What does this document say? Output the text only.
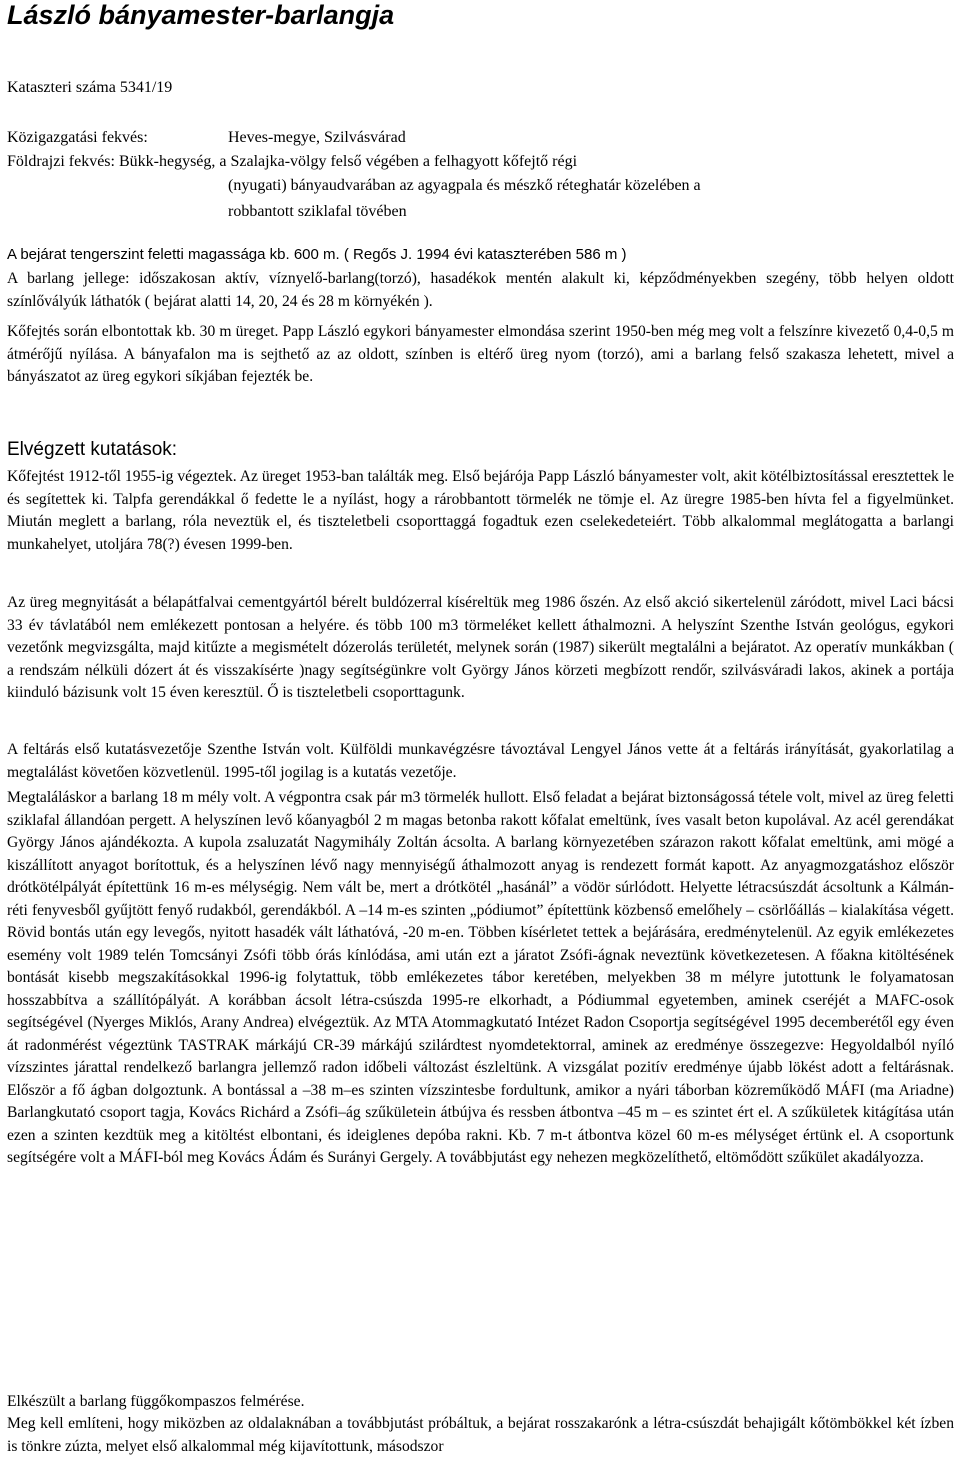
László bányamester-barlangja

Kataszteri száma 5341/19

Közigazgatási fekvés:	Heves-megye, Szilvásvárad

Földrajzi fekvés: Bükk-hegység, a Szalajka-völgy felső végében a felhagyott kőfejtő régi

(nyugati) bányaudvarában az agyagpala és mészkő réteghatár közelében a

robbantott sziklafal tövében

A bejárat tengerszint feletti magassága kb. 600 m. ( Regős J. 1994 évi kataszterében 586 m )

A barlang jellege: időszakosan aktív, víznyelő-barlang(torzó), hasadékok mentén alakult ki, képződményekben szegény, több helyen oldott színlővályúk láthatók ( bejárat alatti 14, 20, 24 és 28 m környékén ).

Kőfejtés során elbontottak kb. 30 m üreget. Papp László egykori bányamester elmondása szerint 1950-ben még meg volt a felszínre kivezető 0,4-0,5 m átmérőjű nyílása. A bányafalon ma is sejthető az az oldott, színben is eltérő üreg nyom (torzó), ami a barlang felső szakasza lehetett, mivel a bányászatot az üreg egykori síkjában fejezték be.

Elvégzett kutatások:

Kőfejtést 1912-től 1955-ig végeztek. Az üreget 1953-ban találták meg. Első bejárója Papp László bányamester volt, akit kötélbiztosítással eresztettek le és segítettek ki. Talpfa gerendákkal ő fedette le a nyílást, hogy a rárobbantott törmelék ne tömje el. Az üregre 1985-ben hívta fel a figyelmünket. Miután meglett a barlang, róla neveztük el, és tiszteletbeli csoporttaggá fogadtuk ezen cselekedeteiért. Több alkalommal meglátogatta a barlangi munkahelyet, utoljára 78(?) évesen 1999-ben.

Az üreg megnyitását a bélapátfalvai cementgyártól bérelt buldózerral kíséreltük meg 1986 őszén. Az első akció sikertelenül záródott, mivel Laci bácsi 33 év távlatából nem emlékezett pontosan a helyére. és több 100 m3 törmeléket kellett áthalmozni. A helyszínt Szenthe István geológus, egykori vezetőnk megvizsgálta, majd kitűzte a megismételt dózerolás területét, melynek során (1987) sikerült megtalálni a bejáratot. Az operatív munkákban ( a rendszám nélküli dózert át és visszakísérte )nagy segítségünkre volt György János körzeti megbízott rendőr, szilvásváradi lakos, akinek a portája kiinduló bázisunk volt 15 éven keresztül. Ő is tiszteletbeli csoporttagunk.

A feltárás első kutatásvezetője Szenthe István volt. Külföldi munkavégzésre távoztával Lengyel János vette át a feltárás irányítását, gyakorlatilag a megtalálást követően közvetlenül. 1995-től jogilag is a kutatás vezetője.

Megtaláláskor a barlang 18 m mély volt. A végpontra csak pár m3 törmelék hullott. Első feladat a bejárat biztonságossá tétele volt, mivel az üreg feletti sziklafal állandóan pergett. A helyszínen levő kőanyagból 2 m magas betonba rakott kőfalat emeltünk, íves vasalt beton kupolával. Az acél gerendákat György János ajándékozta. A kupola zsaluzatát Nagymihály Zoltán ácsolta. A barlang környezetében szárazon rakott kőfalat emeltünk, ami mögé a kiszállított anyagot borítottuk, és a helyszínen lévő nagy mennyiségű áthalmozott anyag is rendezett formát kapott. Az anyagmozgatáshoz először drótkötélpályát építettünk 16 m-es mélységig. Nem vált be, mert a drótkötél „hasánál” a vödör súrlódott. Helyette létracsúszdát ácsoltunk a Kálmán-réti fenyvesből gyűjtött fenyő rudakból, gerendákból. A –14 m-es szinten „pódiumot” építettünk közbenső emelőhely – csörlőállás – kialakítása végett. Rövid bontás után egy levegős, nyitott hasadék vált láthatóvá, -20 m-en. Többen kísérletet tettek a bejárására, eredménytelenül. Az egyik emlékezetes esemény volt 1989 telén Tomcsányi Zsófi több órás kínlódása, ami után ezt a járatot Zsófi-ágnak neveztünk következetesen. A főakna kitöltésének bontását kisebb megszakításokkal 1996-ig folytattuk, több emlékezetes tábor keretében, melyekben 38 m mélyre jutottunk le folyamatosan hosszabbítva a szállítópályát. A korábban ácsolt létra-csúszda 1995-re elkorhadt, a Pódiummal egyetemben, aminek cseréjét a MAFC-osok segítségével (Nyerges Miklós, Arany Andrea) elvégeztük. Az MTA Atommagkutató Intézet Radon Csoportja segítségével 1995 decemberétől egy éven át radonmérést végeztünk TASTRAK márkájú CR-39 márkájú szilárdtest nyomdetektorral, aminek az eredménye összegezve: Hegyoldalból nyíló vízszintes járattal rendelkező barlangra jellemző radon időbeli változást észleltünk. A vizsgálat pozitív eredménye újabb lökést adott a feltárásnak. Először a fő ágban dolgoztunk. A bontással a –38 m–es szinten vízszintesbe fordultunk, amikor a nyári táborban közreműködő MÁFI (ma Ariadne) Barlangkutató csoport tagja, Kovács Richárd a Zsófi–ág szűkületein átbújva és ressben átbontva –45 m – es szintet ért el. A szűkületek kitágítása után ezen a szinten kezdtük meg a kitöltést elbontani, és ideiglenes depóba rakni. Kb. 7 m-t átbontva közel 60 m-es mélységet értünk el. A csoportunk segítségére volt a MÁFI-ból meg Kovács Ádám és Surányi Gergely. A továbbjutást egy nehezen megközelíthető, eltömődött szűkület akadályozza.

Elkészült a barlang függőkompaszos felmérése.

Meg kell említeni, hogy miközben az oldalaknában a továbbjutást próbáltuk, a bejárat rosszakarónk a létra-csúszdát behajigált kőtömbökkel két ízben is tönkre zúzta, melyet első alkalommal még kijavítottunk, másodszor
